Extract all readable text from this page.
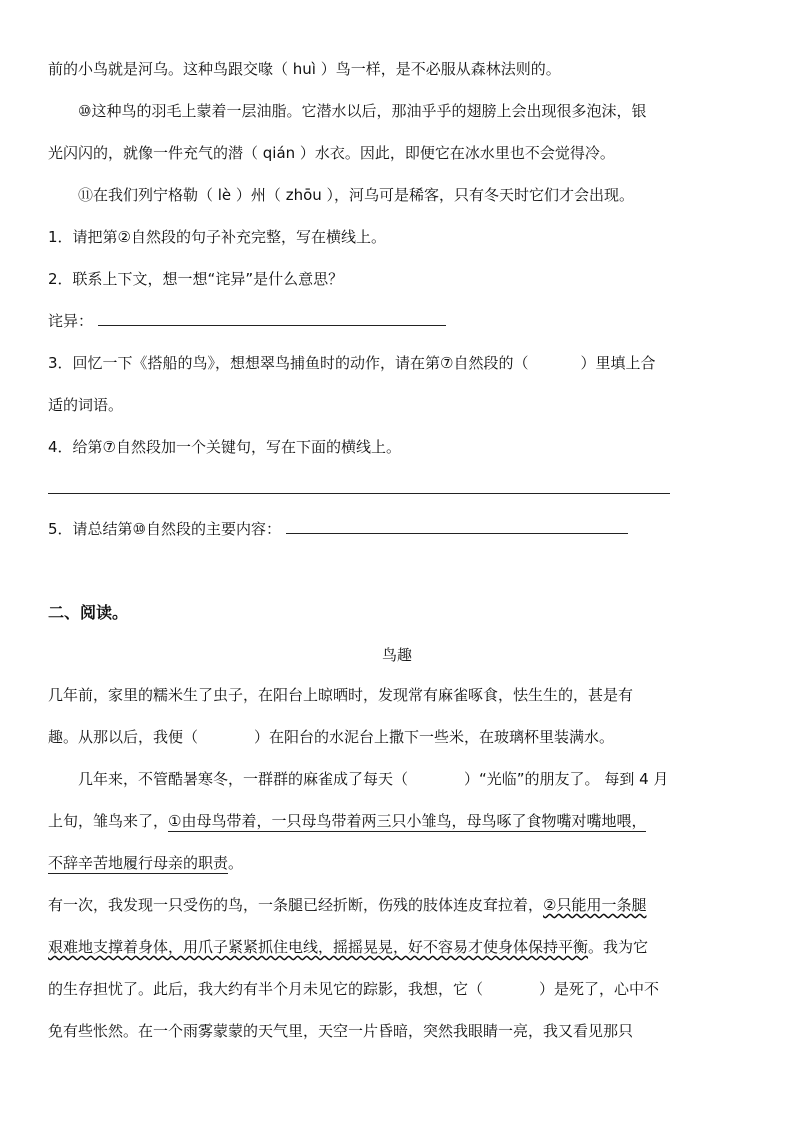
前的小鸟就是河乌。这种鸟跟交喙（ huì ）鸟一样，是不必服从森林法则的。
⑩这种鸟的羽毛上蒙着一层油脂。它潜水以后，那油乎乎的翅膀上会出现很多泡沫，银
光闪闪的，就像一件充气的潜（ qián ）水衣。因此，即便它在冰水里也不会觉得冷。
⑪在我们列宁格勒（ lè ）州（ zhōu ），河乌可是稀客，只有冬天时它们才会出现。
1．请把第②自然段的句子补充完整，写在横线上。
2．联系上下文，想一想“诧异”是什么意思？
诧异：
3．回忆一下《搭船的鸟》，想想翠鸟捕鱼时的动作，请在第⑦自然段的（	）里填上合
适的词语。
4．给第⑦自然段加一个关键句，写在下面的横线上。
5．请总结第⑩自然段的主要内容：
二、阅读。
鸟趣
几年前，家里的糯米生了虫子，在阳台上晾晒时，发现常有麻雀啄食，怯生生的，甚是有
趣。从那以后，我便（	）在阳台的水泥台上撒下一些米，在玻璃杯里装满水。
几年来，不管酷暑寒冬，一群群的麻雀成了每天（	）“光临”的朋友了。 每到 4 月
上旬，雏鸟来了，①由母鸟带着，一只母鸟带着两三只小雏鸟，母鸟啄了食物嘴对嘴地喂，
不辞辛苦地履行母亲的职责。
有一次，我发现一只受伤的鸟，一条腿已经折断，伤残的肢体连皮耷拉着，②只能用一条腿
艰难地支撑着身体，用爪子紧紧抓住电线，摇摇晃晃，好不容易才使身体保持平衡。我为它
的生存担忧了。此后，我大约有半个月未见它的踪影，我想，它（	）是死了，心中不
免有些怅然。在一个雨雾蒙蒙的天气里，天空一片昏暗，突然我眼睛一亮，我又看见那只
